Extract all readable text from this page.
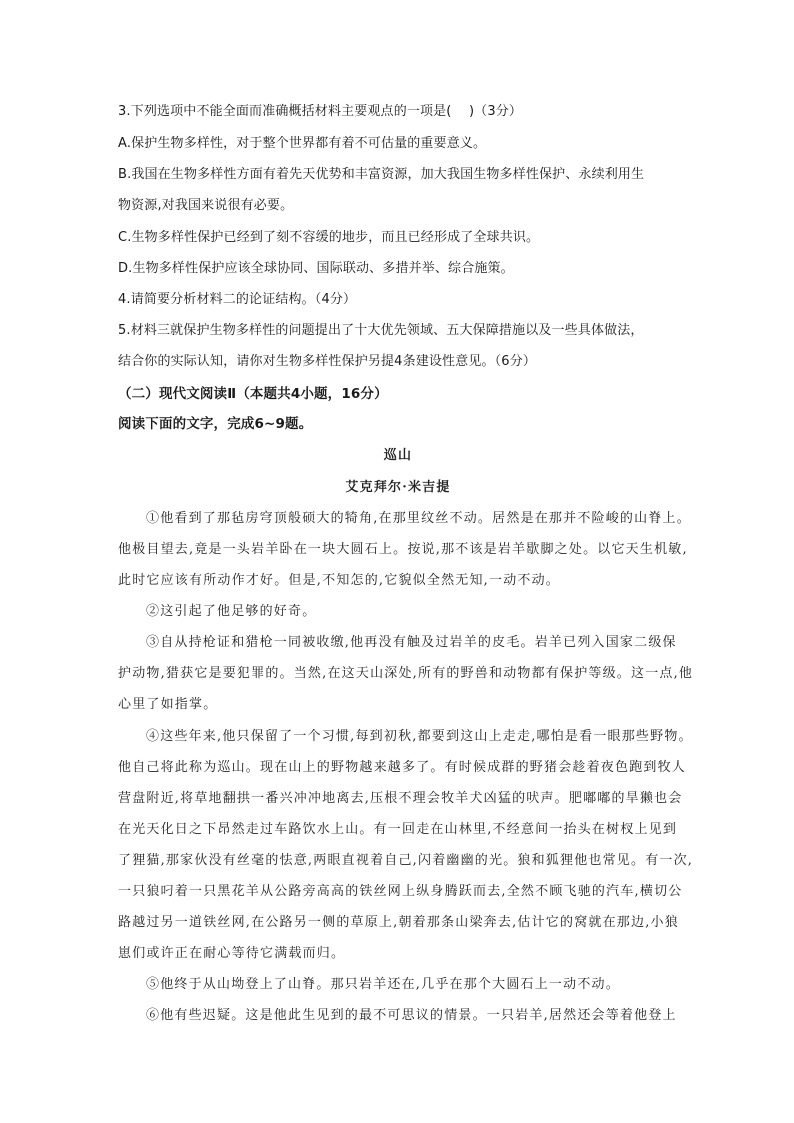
3.下列选项中不能全面而准确概括材料主要观点的一项是(　 )（3分）
A.保护生物多样性，对于整个世界都有着不可估量的重要意义。
B.我国在生物多样性方面有着先天优势和丰富资源，加大我国生物多样性保护、永续利用生
物资源,对我国来说很有必要。
C.生物多样性保护已经到了刻不容缓的地步，而且已经形成了全球共识。
D.生物多样性保护应该全球协同、国际联动、多措并举、综合施策。
4.请简要分析材料二的论证结构。（4分）
5.材料三就保护生物多样性的问题提出了十大优先领域、五大保障措施以及一些具体做法，
结合你的实际认知，请你对生物多样性保护另提4条建设性意见。（6分）
（二）现代文阅读Ⅱ（本题共4小题，16分）
阅读下面的文字，完成6~9题。
巡山
艾克拜尔·米吉提
①他看到了那毡房穹顶般硕大的犄角,在那里纹丝不动。居然是在那并不险峻的山脊上。
他极目望去,竟是一头岩羊卧在一块大圆石上。按说,那不该是岩羊歇脚之处。以它天生机敏,
此时它应该有所动作才好。但是,不知怎的,它貌似全然无知,一动不动。
②这引起了他足够的好奇。
③自从持枪证和猎枪一同被收缴,他再没有触及过岩羊的皮毛。岩羊已列入国家二级保
护动物,猎获它是要犯罪的。当然,在这天山深处,所有的野兽和动物都有保护等级。这一点,他
心里了如指掌。
④这些年来,他只保留了一个习惯,每到初秋,都要到这山上走走,哪怕是看一眼那些野物。
他自己将此称为巡山。现在山上的野物越来越多了。有时候成群的野猪会趁着夜色跑到牧人
营盘附近,将草地翻拱一番兴冲冲地离去,压根不理会牧羊犬凶猛的吠声。肥嘟嘟的旱獭也会
在光天化日之下昂然走过车路饮水上山。有一回走在山林里,不经意间一抬头在树杈上见到
了狸猫,那家伙没有丝毫的怯意,两眼直视着自己,闪着幽幽的光。狼和狐狸他也常见。有一次,
一只狼叼着一只黑花羊从公路旁高高的铁丝网上纵身腾跃而去,全然不顾飞驰的汽车,横切公
路越过另一道铁丝网,在公路另一侧的草原上,朝着那条山梁奔去,估计它的窝就在那边,小狼
崽们或许正在耐心等待它满载而归。
⑤他终于从山坳登上了山脊。那只岩羊还在,几乎在那个大圆石上一动不动。
⑥他有些迟疑。这是他此生见到的最不可思议的情景。一只岩羊,居然还会等着他登上
